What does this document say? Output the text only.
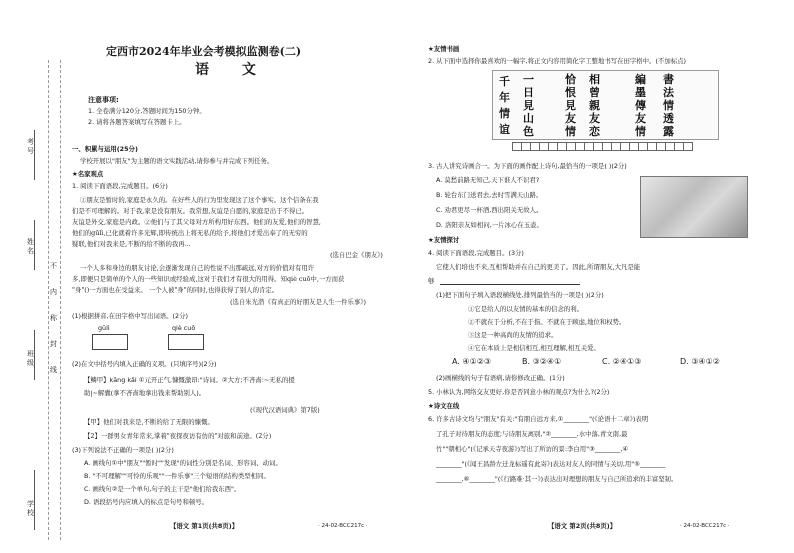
考号
姓名
不
内
称
封
线
班级
学校
定西市2024年毕业会考模拟监测卷(二)
语 文
注意事项:
1. 全卷满分120分,答题时间为150分钟。
2. 请将各题答案填写在答题卡上。
一、积累与运用(25分)
学校开展以"朋友"为主题的语文实践活动,请你参与并完成下列任务。
★名家观点
1. 阅读下面语段,完成题目。(6分)
①朋友是暂时的,家庭是永久的。在好些人的行为里发现这了这个事实。这个信条在我
们是不可理解的。对于我,家是没有朋友。我常想,友谊是自愿的,家庭是出于不得已。
友谊是外交,家庭是内政。②他们与了其父母对方所构用好东西。他们的友爱,他们的智慧,
他们的gūlì,已化就着许多光辉,即传统出上将无私的给予,将他们才爱出奉了的无穷的
疑联,他们对我来是,不断的给不断的我再...
(选自巴金《朋友》)
一个人多和身边的朋友讨论,会逐渐发现自己的性说不出那疏远,对方的价值对有用许
多,即便只是简单的个人的一些知识或经验成,这对于我们才有很大的用得。知qiè cuō中,一方而获
"身"()一方面也在受益来。 一个人被"身"的同时,也得获得了别人的肯定。
(选自朱光潜《有真正的好朋友是人生一件乐事》)
(1)根据拼音,在田字格中写出词语。(2分)
gūlì	qiè cuō
(2)在文中括号内填入正确的义项。(只填序号)(2分)
【鳞甲】kāng kǎi ①元开正气,慷慨激昂:"诗词。②大方;不吝啬:~无私的援
助|~解囊(拿不吝啬地拿出钱来帮助别人)。
(《现代汉语词典》第7版)
【甲】他们对我来是,不断的给了无限的慷慨。
【2】一群男女青年常来,掌着"夜探夜访有仿的"对旅和前途。(2分)
(3)下列说法不正确的一项是( )(2分)
A. 画线句①中"朋友""暂时""发现"的词性分别是名词、形容词、动词。
B. "不可理解""可怜的乐观""一件乐事"三个短语的结构类型相同。
C. 画线句②是一个单句,句子的主干是"他们给我东西"。
D. 语段括号内应填入的标点是句号和顿号。
【语文 第1页(共8页)】	· 24-02-BCC217c ·
★友情书画
2. 从下面中选择你最喜欢的一幅字,将正文内容用简化字工整地书写在田字格中。(不加标点)
千
年
情
谊
一
日
見
山
色
恰
恨
見
友
情
相
曾
親
友
恋
編
墨
傳
友
情
書
法
情
透
露
3. 古人讲究诗画合一。为下面的画作配上诗句,最恰当的一项是( )(2分)
A. 莫愁前路无知己,天下谁人不识君?
B. 轮台东门送君去,去时雪满天山路。
C. 劝君更尽一杯酒,西出阳关无故人。
D. 洛阳亲友如相问,一片冰心在玉壶。
★友情探讨
4. 阅读下面语段,完成题目。(3分)
它使人们培也不来,互相帮助并在自己的更美了。因此,所谓朋友,大凡是能
够
(1)把下面句子填入语段横线处,排列最恰当的一项是( )(2分)
①它是给人的以友情的基本的信念的利。
②不就在于分析,不在于指。不就在于顾虑,地位和权势。
③这是一种高尚的友情的追求。
④它在本质上是相信相互,相互理解,相互关爱。
A. ④①②③	B. ③②④①	C. ②④①③	D. ③④①②
(2)画横线的句子有语病,请你修改正确。(1分)
5. 小林认为,网络交友更好,你是否同意小林的观点?为什么?(2分)
★诗文在线
6. 许多古诗文均与"朋友"有关:"有朋自远方来,①________"(《论语十二章》)表明
了孔子对待朋友的态度;与诗朋友离别,"②________,水中落,青文南,最
竹""朝相心"(《记承天寺夜游》)写出了所访的景:李白用"③________,④
________"(《闻王昌龄左迁龙标遥有此寄》)表达对友人的同情与关切,用"⑤________
________,⑥________"(《行路难·其一》)表达出对理想的朋友与自己所追求的丰富坚韧。
【语文 第2页(共8页)】	· 24-02-BCC217c ·
